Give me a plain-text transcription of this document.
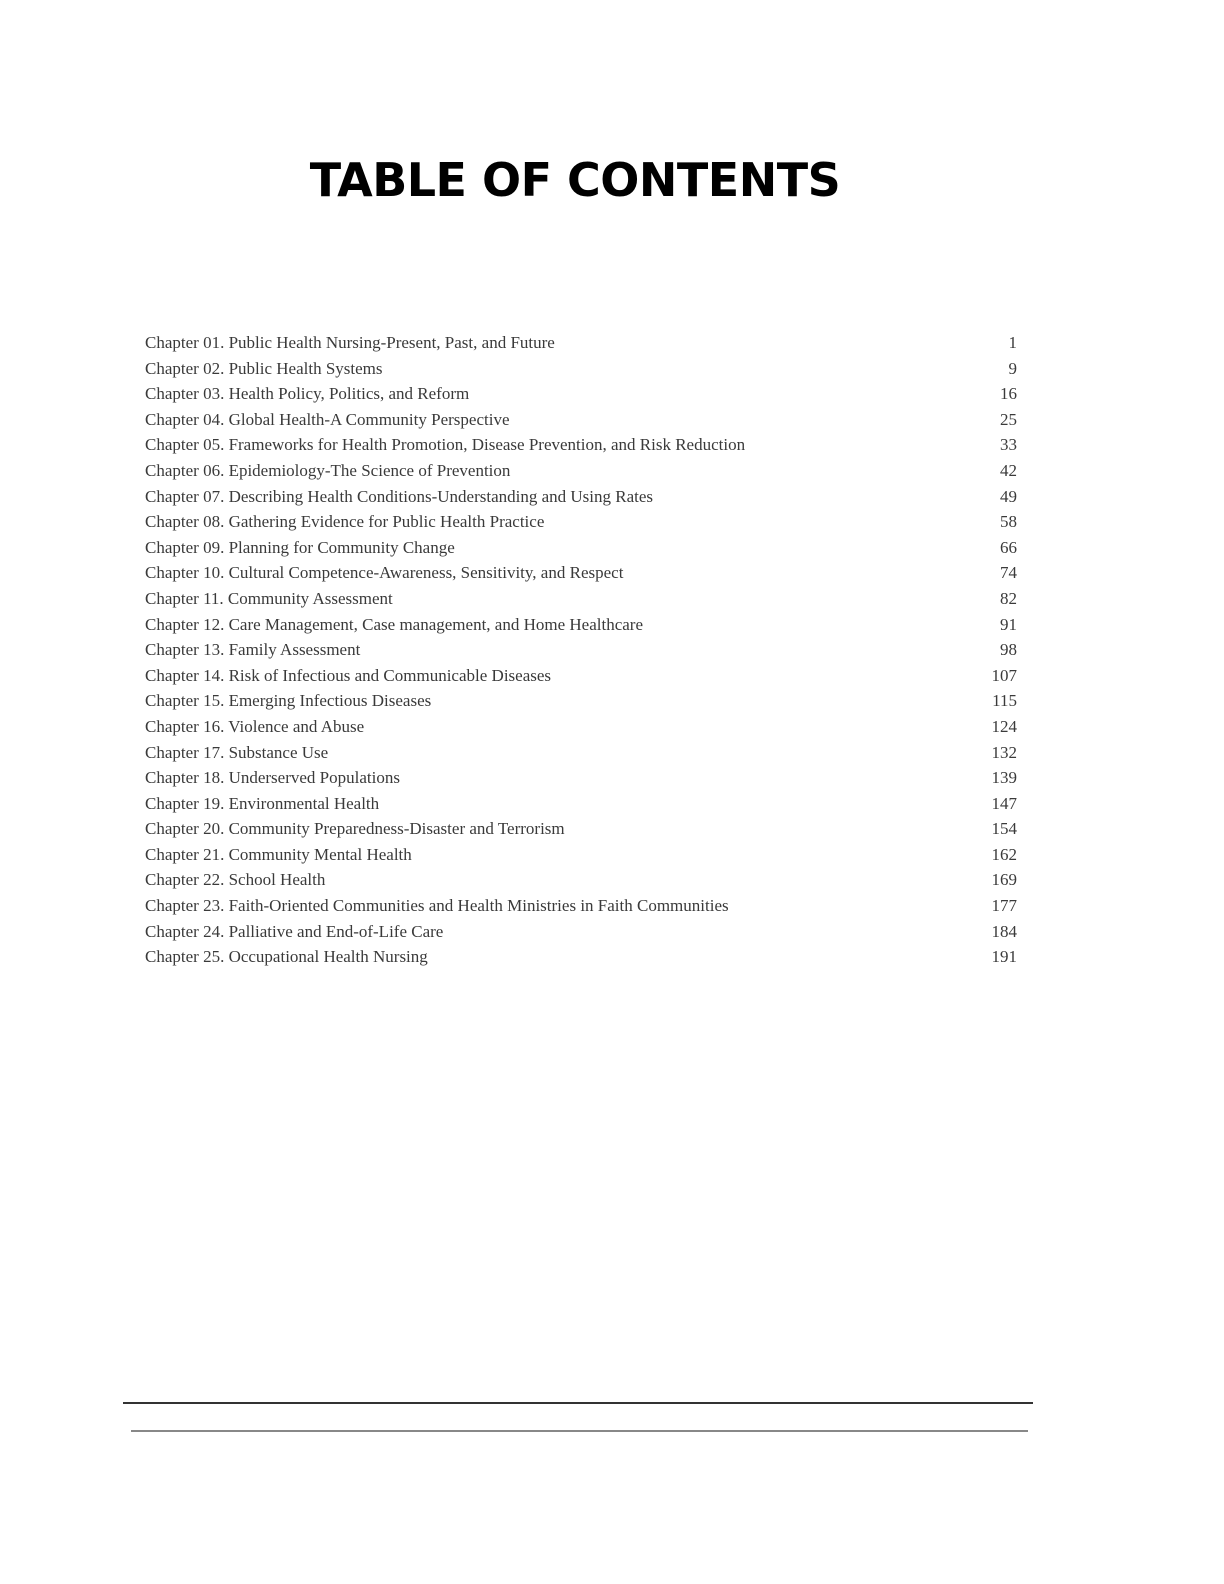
TABLE OF CONTENTS
Chapter 01. Public Health Nursing-Present, Past, and Future	1
Chapter 02. Public Health Systems	9
Chapter 03. Health Policy, Politics, and Reform	16
Chapter 04. Global Health-A Community Perspective	25
Chapter 05. Frameworks for Health Promotion, Disease Prevention, and Risk Reduction	33
Chapter 06. Epidemiology-The Science of Prevention	42
Chapter 07. Describing Health Conditions-Understanding and Using Rates	49
Chapter 08. Gathering Evidence for Public Health Practice	58
Chapter 09. Planning for Community Change	66
Chapter 10. Cultural Competence-Awareness, Sensitivity, and Respect	74
Chapter 11. Community Assessment	82
Chapter 12. Care Management, Case management, and Home Healthcare	91
Chapter 13. Family Assessment	98
Chapter 14. Risk of Infectious and Communicable Diseases	107
Chapter 15. Emerging Infectious Diseases	115
Chapter 16. Violence and Abuse	124
Chapter 17. Substance Use	132
Chapter 18. Underserved Populations	139
Chapter 19. Environmental Health	147
Chapter 20. Community Preparedness-Disaster and Terrorism	154
Chapter 21. Community Mental Health	162
Chapter 22. School Health	169
Chapter 23. Faith-Oriented Communities and Health Ministries in Faith Communities	177
Chapter 24. Palliative and End-of-Life Care	184
Chapter 25. Occupational Health Nursing	191
